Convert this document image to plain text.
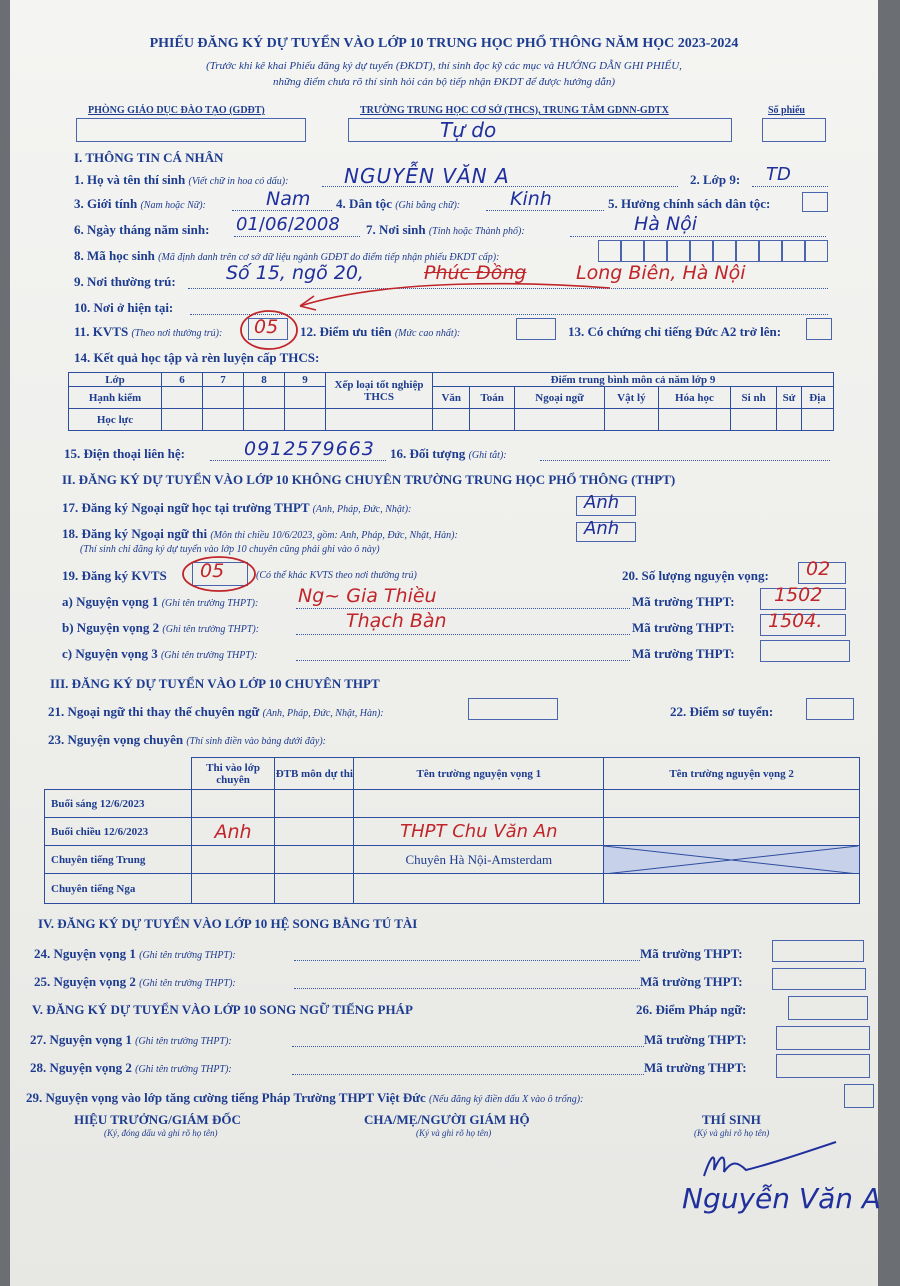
PHIẾU ĐĂNG KÝ DỰ TUYỂN VÀO LỚP 10 TRUNG HỌC PHỔ THÔNG NĂM HỌC 2023-2024
(Trước khi kê khai Phiếu đăng ký dự tuyển (ĐKDT), thí sinh đọc kỹ các mục và HƯỚNG DẪN GHI PHIẾU,
những điểm chưa rõ thí sinh hỏi cán bộ tiếp nhận ĐKDT để được hướng dẫn)
PHÒNG GIÁO DỤC ĐÀO TẠO (GDĐT)	TRƯỜNG TRUNG HỌC CƠ SỞ (THCS), TRUNG TÂM GDNN-GDTX	Số phiếu
Tự do
I. THÔNG TIN CÁ NHÂN
1. Họ và tên thí sinh (Viết chữ in hoa có dấu):	NGUYỄN VĂN A	2. Lớp 9: TD
3. Giới tính (Nam hoặc Nữ):	Nam 4. Dân tộc (Ghi bằng chữ):	Kinh	5. Hưởng chính sách dân tộc:
6. Ngày tháng năm sinh: 01/06/2008 7. Nơi sinh (Tỉnh hoặc Thành phố):	Hà Nội
8. Mã học sinh (Mã định danh trên cơ sở dữ liệu ngành GDĐT do điểm tiếp nhận phiếu ĐKDT cấp):
9. Nơi thường trú:	Số 15, ngõ 20,	Phúc Đồng	Long Biên, Hà Nội
10. Nơi ở hiện tại:
11. KVTS (Theo nơi thường trú): 05 12. Điểm ưu tiên (Mức cao nhất):	13. Có chứng chỉ tiếng Đức A2 trở lên:
14. Kết quả học tập và rèn luyện cấp THCS:
Lớp	6	7	8	9	Xếp loại tốt nghiệp THCS	Điểm trung bình môn cả năm lớp 9							
Hạnh kiểm						Văn	Toán	Ngoại ngữ	Vật lý	Hóa học	Si nh	Sử	Địa
Học lực													
15. Điện thoại liên hệ:	0912579663 16. Đối tượng (Ghi tắt):
II. ĐĂNG KÝ DỰ TUYỂN VÀO LỚP 10 KHÔNG CHUYÊN TRƯỜNG TRUNG HỌC PHỔ THÔNG (THPT)
17. Đăng ký Ngoại ngữ học tại trường THPT (Anh, Pháp, Đức, Nhật):	Anh
18. Đăng ký Ngoại ngữ thi (Môn thi chiều 10/6/2023, gồm: Anh, Pháp, Đức, Nhật, Hàn):	Anh
(Thí sinh chỉ đăng ký dự tuyển vào lớp 10 chuyên cũng phải ghi vào ô này)
19. Đăng ký KVTS 05	(Có thể khác KVTS theo nơi thường trú)	20. Số lượng nguyện vọng: 02
a) Nguyện vọng 1 (Ghi tên trường THPT): Ng~ Gia Thiều	Mã trường THPT: 1502
b) Nguyện vọng 2 (Ghi tên trường THPT):	Thạch Bàn	Mã trường THPT: 1504.
c) Nguyện vọng 3 (Ghi tên trường THPT):	Mã trường THPT:
III. ĐĂNG KÝ DỰ TUYỂN VÀO LỚP 10 CHUYÊN THPT
21. Ngoại ngữ thi thay thế chuyên ngữ (Anh, Pháp, Đức, Nhật, Hàn):	22. Điểm sơ tuyển:
23. Nguyện vọng chuyên (Thí sinh điền vào bảng dưới đây):
	Thi vào lớp chuyên	ĐTB môn dự thi	Tên trường nguyện vọng 1	Tên trường nguyện vọng 2
Buổi sáng 12/6/2023				
Buổi chiều 12/6/2023	Anh		THPT Chu Văn An	
Chuyên tiếng Trung			Chuyên Hà Nội-Amsterdam	

Chuyên tiếng Nga				
IV. ĐĂNG KÝ DỰ TUYỂN VÀO LỚP 10 HỆ SONG BẰNG TÚ TÀI
24. Nguyện vọng 1 (Ghi tên trường THPT):	Mã trường THPT:
25. Nguyện vọng 2 (Ghi tên trường THPT):	Mã trường THPT:
V. ĐĂNG KÝ DỰ TUYỂN VÀO LỚP 10 SONG NGỮ TIẾNG PHÁP	26. Điểm Pháp ngữ:
27. Nguyện vọng 1 (Ghi tên trường THPT):	Mã trường THPT:
28. Nguyện vọng 2 (Ghi tên trường THPT):	Mã trường THPT:
29. Nguyện vọng vào lớp tăng cường tiếng Pháp Trường THPT Việt Đức (Nếu đăng ký điền dấu X vào ô trống):
HIỆU TRƯỞNG/GIÁM ĐỐC
(Ký, đóng dấu và ghi rõ họ tên)
CHA/MẸ/NGƯỜI GIÁM HỘ
(Ký và ghi rõ họ tên)
THÍ SINH
(Ký và ghi rõ họ tên)
Nguyễn Văn A
